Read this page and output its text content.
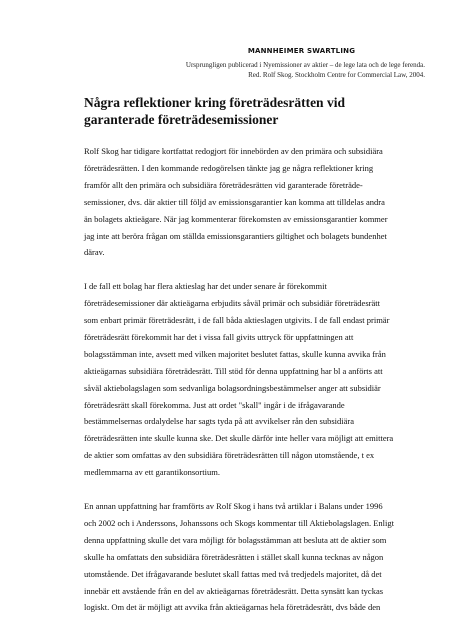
MANNHEIMER SWARTLING
Ursprungligen publicerad i Nyemissioner av aktier – de lege lata och de lege ferenda.
Red. Rolf Skog. Stockholm Centre for Commercial Law, 2004.
Några reflektioner kring företrädesrätten vid
garanterade företrädesemissioner

Rolf Skog har tidigare kortfattat redogjort för innebörden av den primära och subsidiära
företrädesrätten. I den kommande redogörelsen tänkte jag ge några reflektioner kring
framför allt den primära och subsidiära företrädesrätten vid garanterade företräde-
semissioner, dvs. där aktier till följd av emissionsgarantier kan komma att tilldelas andra
än bolagets aktieägare. När jag kommenterar förekomsten av emissionsgarantier kommer
jag inte att beröra frågan om ställda emissionsgarantiers giltighet och bolagets bundenhet
därav.

I de fall ett bolag har flera aktieslag har det under senare år förekommit
företrädesemissioner där aktieägarna erbjudits såväl primär och subsidiär företrädesrätt
som enbart primär företrädesrätt, i de fall båda aktieslagen utgivits. I de fall endast primär
företrädesrätt förekommit har det i vissa fall givits uttryck för uppfattningen att
bolagsstämman inte, avsett med vilken majoritet beslutet fattas, skulle kunna avvika från
aktieägarnas subsidiära företrädesrätt. Till stöd för denna uppfattning har bl a anförts att
såväl aktiebolagslagen som sedvanliga bolagsordningsbestämmelser anger att subsidiär
företrädesrätt skall förekomma. Just att ordet "skall" ingår i de ifrågavarande
bestämmelsernas ordalydelse har sagts tyda på att avvikelser rån den subsidiära
företrädesrätten inte skulle kunna ske. Det skulle därför inte heller vara möjligt att emittera
de aktier som omfattas av den subsidiära företrädesrätten till någon utomstående, t ex
medlemmarna av ett garantikonsortium.

En annan uppfattning har framförts av Rolf Skog i hans två artiklar i Balans under 1996
och 2002 och i Anderssons, Johanssons och Skogs kommentar till Aktiebolagslagen. Enligt
denna uppfattning skulle det vara möjligt för bolagsstämman att besluta att de aktier som
skulle ha omfattats den subsidiära företrädesrätten i stället skall kunna tecknas av någon
utomstående. Det ifrågavarande beslutet skall fattas med två tredjedels majoritet, då det
innebär ett avstående från en del av aktieägarnas företrädesrätt. Detta synsätt kan tyckas
logiskt. Om det är möjligt att avvika från aktieägarnas hela företrädesrätt, dvs både den
